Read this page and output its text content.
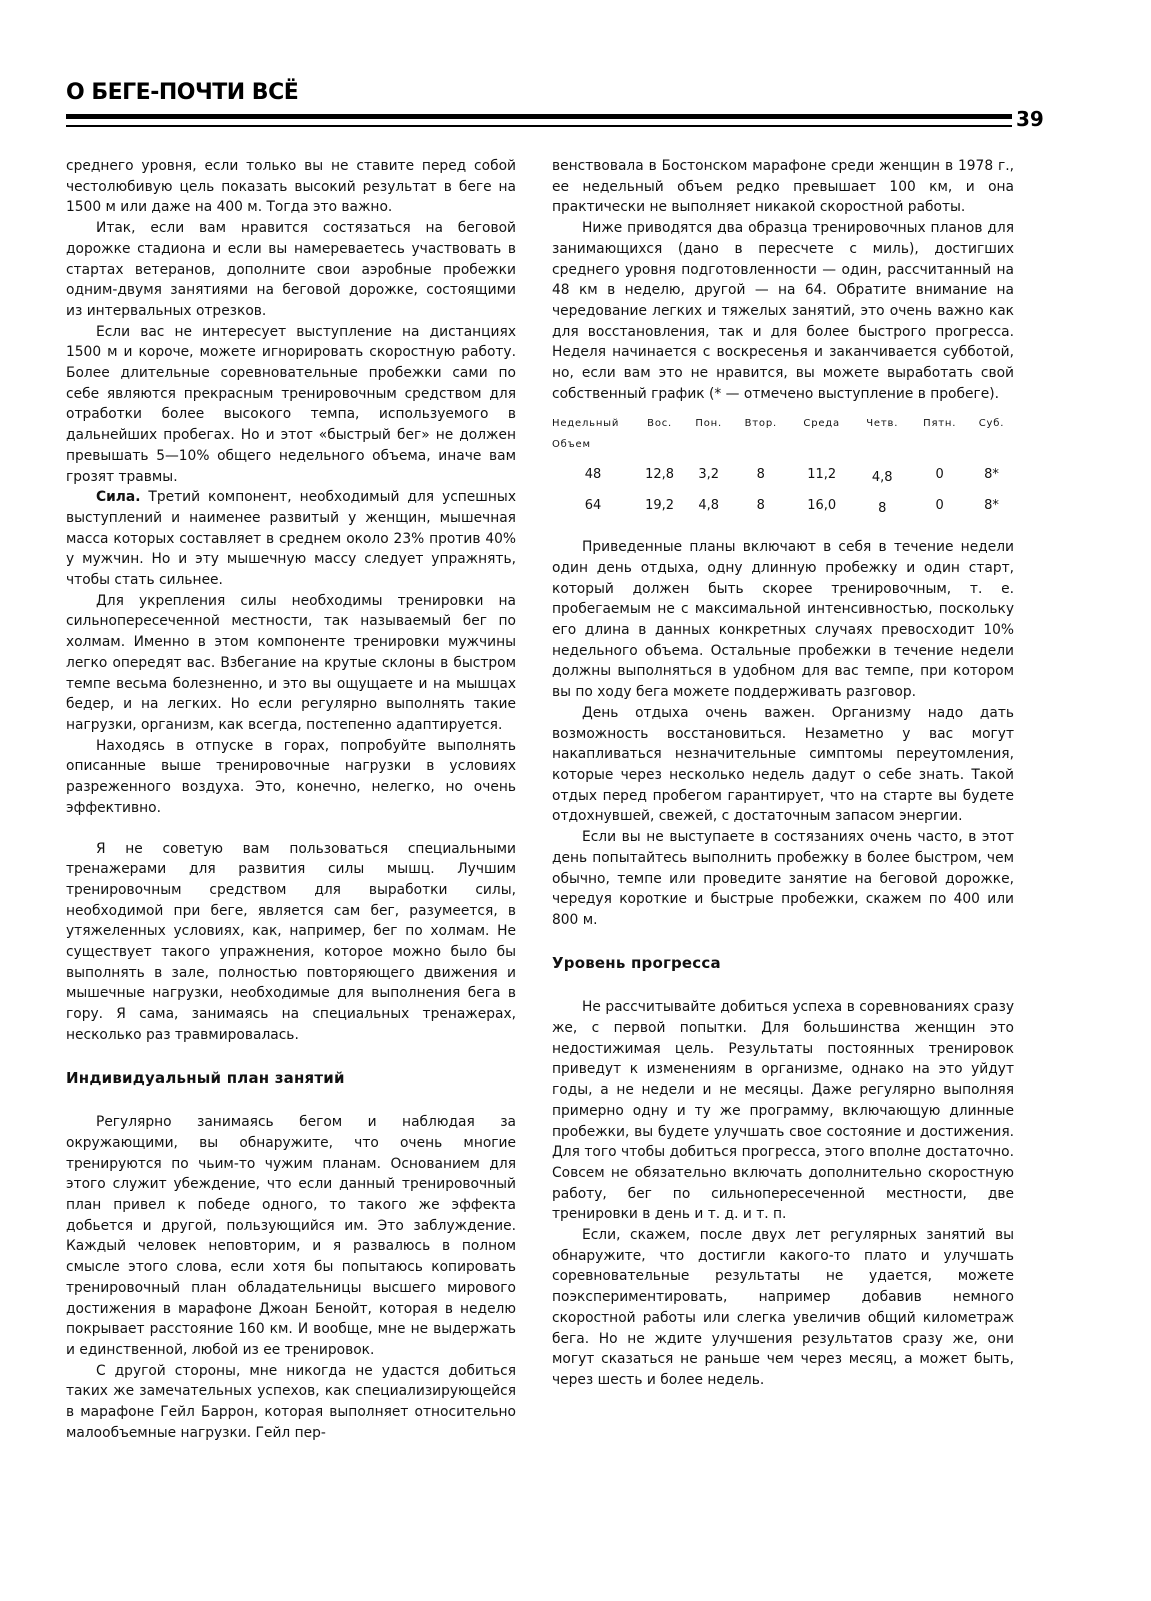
О БЕГЕ-ПОЧТИ ВСЁ
39

среднего уровня, если только вы не ставите перед собой честолюбивую цель показать высокий результат в беге на 1500 м или даже на 400 м. Тогда это важно.

Итак, если вам нравится состязаться на беговой дорожке стадиона и если вы намереваетесь участвовать в стартах ветеранов, дополните свои аэробные пробежки одним-двумя занятиями на беговой дорожке, состоящими из интервальных отрезков.

Если вас не интересует выступление на дистанциях 1500 м и короче, можете игнорировать скоростную работу. Более длительные соревновательные пробежки сами по себе являются прекрасным тренировочным средством для отработки более высокого темпа, используемого в дальнейших пробегах. Но и этот «быстрый бег» не должен превышать 5—10% общего недельного объема, иначе вам грозят травмы.

Сила. Третий компонент, необходимый для успешных выступлений и наименее развитый у женщин, мышечная масса которых составляет в среднем около 23% против 40% у мужчин. Но и эту мышечную массу следует упражнять, чтобы стать сильнее.

Для укрепления силы необходимы тренировки на сильнопересеченной местности, так называемый бег по холмам. Именно в этом компоненте тренировки мужчины легко опередят вас. Взбегание на крутые склоны в быстром темпе весьма болезненно, и это вы ощущаете и на мышцах бедер, и на легких. Но если регулярно выполнять такие нагрузки, организм, как всегда, постепенно адаптируется.

Находясь в отпуске в горах, попробуйте выполнять описанные выше тренировочные нагрузки в условиях разреженного воздуха. Это, конечно, нелегко, но очень эффективно.

Я не советую вам пользоваться специальными тренажерами для развития силы мышц. Лучшим тренировочным средством для выработки силы, необходимой при беге, является сам бег, разумеется, в утяжеленных условиях, как, например, бег по холмам. Не существует такого упражнения, которое можно было бы выполнять в зале, полностью повторяющего движения и мышечные нагрузки, необходимые для выполнения бега в гору. Я сама, занимаясь на специальных тренажерах, несколько раз травмировалась.

Индивидуальный план занятий

Регулярно занимаясь бегом и наблюдая за окружающими, вы обнаружите, что очень многие тренируются по чьим-то чужим планам. Основанием для этого служит убеждение, что если данный тренировочный план привел к победе одного, то такого же эффекта добьется и другой, пользующийся им. Это заблуждение. Каждый человек неповторим, и я развалюсь в полном смысле этого слова, если хотя бы попытаюсь копировать тренировочный план обладательницы высшего мирового достижения в марафоне Джоан Бенойт, которая в неделю покрывает расстояние 160 км. И вообще, мне не выдержать и единственной, любой из ее тренировок.

С другой стороны, мне никогда не удастся добиться таких же замечательных успехов, как специализирующейся в марафоне Гейл Баррон, которая выполняет относительно малообъемные нагрузки. Гейл пер-

венствовала в Бостонском марафоне среди женщин в 1978 г., ее недельный объем редко превышает 100 км, и она практически не выполняет никакой скоростной работы.

Ниже приводятся два образца тренировочных планов для занимающихся (дано в пересчете с миль), достигших среднего уровня подготовленности — один, рассчитанный на 48 км в неделю, другой — на 64. Обратите внимание на чередование легких и тяжелых занятий, это очень важно как для восстановления, так и для более быстрого прогресса. Неделя начинается с воскресенья и заканчивается субботой, но, если вам это не нравится, вы можете выработать свой собственный график (* — отмечено выступление в пробеге).

Недельный Объем	Вос.	Пон.	Втор.	Среда	Четв.	Пятн.	Суб.
48	12,8	3,2	8	11,2	4,8	0	8*
64	19,2	4,8	8	16,0	8	0	8*

Приведенные планы включают в себя в течение недели один день отдыха, одну длинную пробежку и один старт, который должен быть скорее тренировочным, т. е. пробегаемым не с максимальной интенсивностью, поскольку его длина в данных конкретных случаях превосходит 10% недельного объема. Остальные пробежки в течение недели должны выполняться в удобном для вас темпе, при котором вы по ходу бега можете поддерживать разговор.

День отдыха очень важен. Организму надо дать возможность восстановиться. Незаметно у вас могут накапливаться незначительные симптомы переутомления, которые через несколько недель дадут о себе знать. Такой отдых перед пробегом гарантирует, что на старте вы будете отдохнувшей, свежей, с достаточным запасом энергии.

Если вы не выступаете в состязаниях очень часто, в этот день попытайтесь выполнить пробежку в более быстром, чем обычно, темпе или проведите занятие на беговой дорожке, чередуя короткие и быстрые пробежки, скажем по 400 или 800 м.

Уровень прогресса

Не рассчитывайте добиться успеха в соревнованиях сразу же, с первой попытки. Для большинства женщин это недостижимая цель. Результаты постоянных тренировок приведут к изменениям в организме, однако на это уйдут годы, а не недели и не месяцы. Даже регулярно выполняя примерно одну и ту же программу, включающую длинные пробежки, вы будете улучшать свое состояние и достижения. Для того чтобы добиться прогресса, этого вполне достаточно. Совсем не обязательно включать дополнительно скоростную работу, бег по сильнопересеченной местности, две тренировки в день и т. д. и т. п.

Если, скажем, после двух лет регулярных занятий вы обнаружите, что достигли какого-то плато и улучшать соревновательные результаты не удается, можете поэкспериментировать, например добавив немного скоростной работы или слегка увеличив общий километраж бега. Но не ждите улучшения результатов сразу же, они могут сказаться не раньше чем через месяц, а может быть, через шесть и более недель.
